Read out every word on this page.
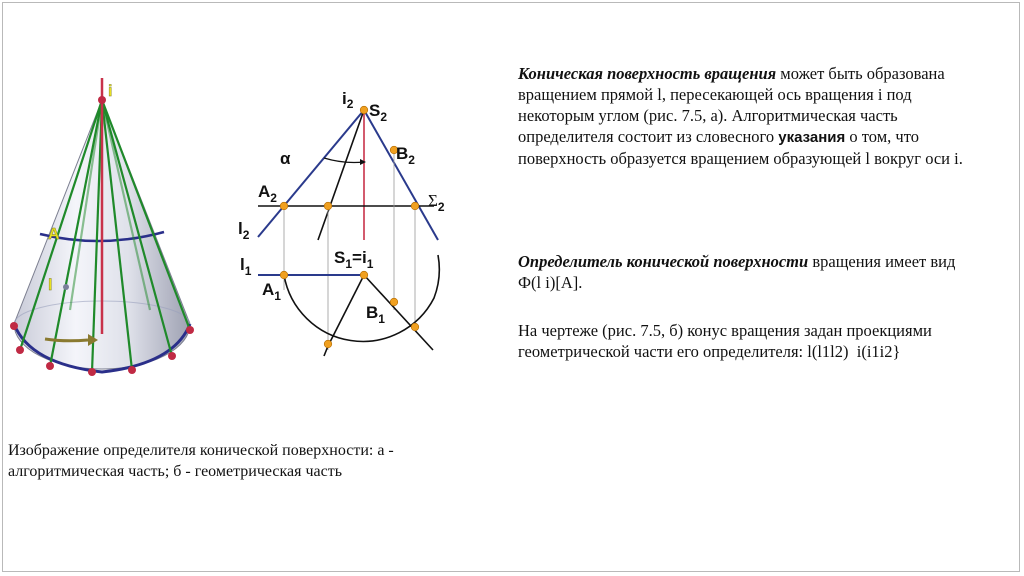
i
A
l
$i_2$ $S_2$
$B_2$
α
$A_2$	$\Sigma_2$
$l_2$
$l_1$
$S_1=i_1$
$A_1$
$B_1$
Коническая поверхность вращения может быть образована вращением прямой l, пересекающей ось вращения i под некоторым углом (рис. 7.5, а). Алгоритмическая часть определителя состоит из словесного указания о том, что поверхность образуется вращением образующей l вокруг оси i.
Определитель конической поверхности вращения имеет вид Ф(l i)[А].
На чертеже (рис. 7.5, б) конус вращения задан проекциями геометрической части его определителя: l(l1l2)  i(i1i2}
Изображение определителя конической поверхности: а - алгоритмическая часть; б - геометрическая часть
